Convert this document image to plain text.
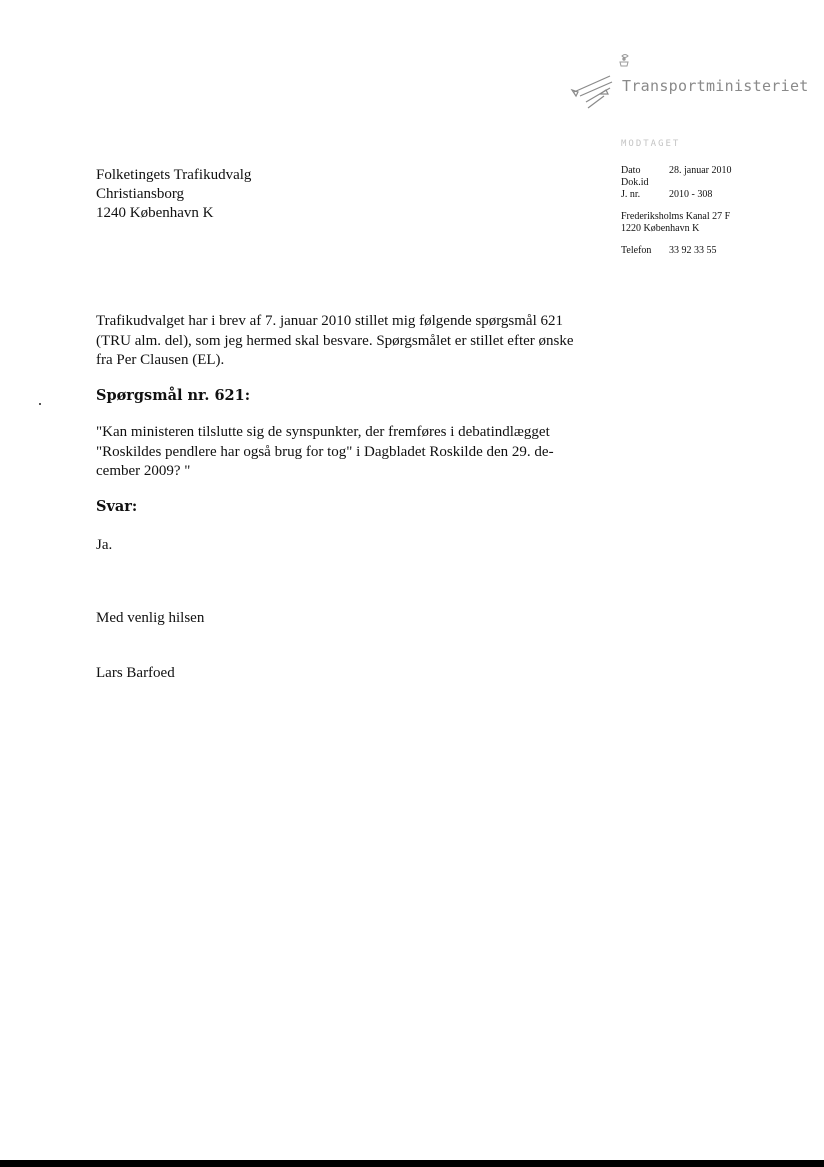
Transportministeriet
MODTAGET
Dato	28. januar 2010
Dok.id
J. nr.	2010 - 308
Frederiksholms Kanal 27 F
1220 København K
Telefon 33 92 33 55
Folketingets Trafikudvalg
Christiansborg
1240 København K
Trafikudvalget har i brev af 7. januar 2010 stillet mig følgende spørgsmål 621
(TRU alm. del), som jeg hermed skal besvare. Spørgsmålet er stillet efter ønske
fra Per Clausen (EL).
Spørgsmål nr. 621:
"Kan ministeren tilslutte sig de synspunkter, der fremføres i debatindlægget
"Roskildes pendlere har også brug for tog" i Dagbladet Roskilde den 29. de-
cember 2009? "
Svar:
Ja.
Med venlig hilsen
Lars Barfoed
